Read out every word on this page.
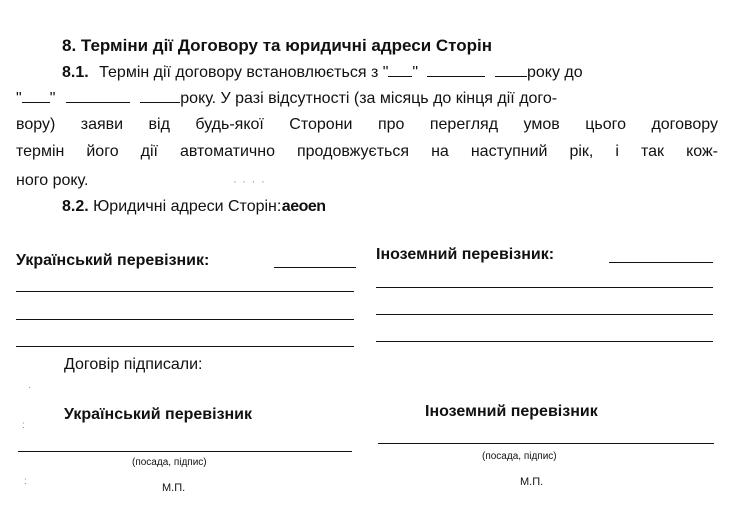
8. Терміни дії Договору та юридичні адреси Сторін
8.1. Термін дії договору встановлюється з " "	року до
" "	року. У разі відсутності (за місяць до кінця дії дого-
вору) заяви від будь-якої Сторони про перегляд умов цього договору
термін його дії автоматично продовжується на наступний рік, і так кож-
ного року.	· · · ·
8.2. Юридичні адреси Сторін: aeoen
Український перевізник:	Іноземний перевізник:
Договір підписали:
Український перевізник
(посада, підпис)
М.П.
Іноземний перевізник
(посада, підпис)
М.П.
·
:
:
